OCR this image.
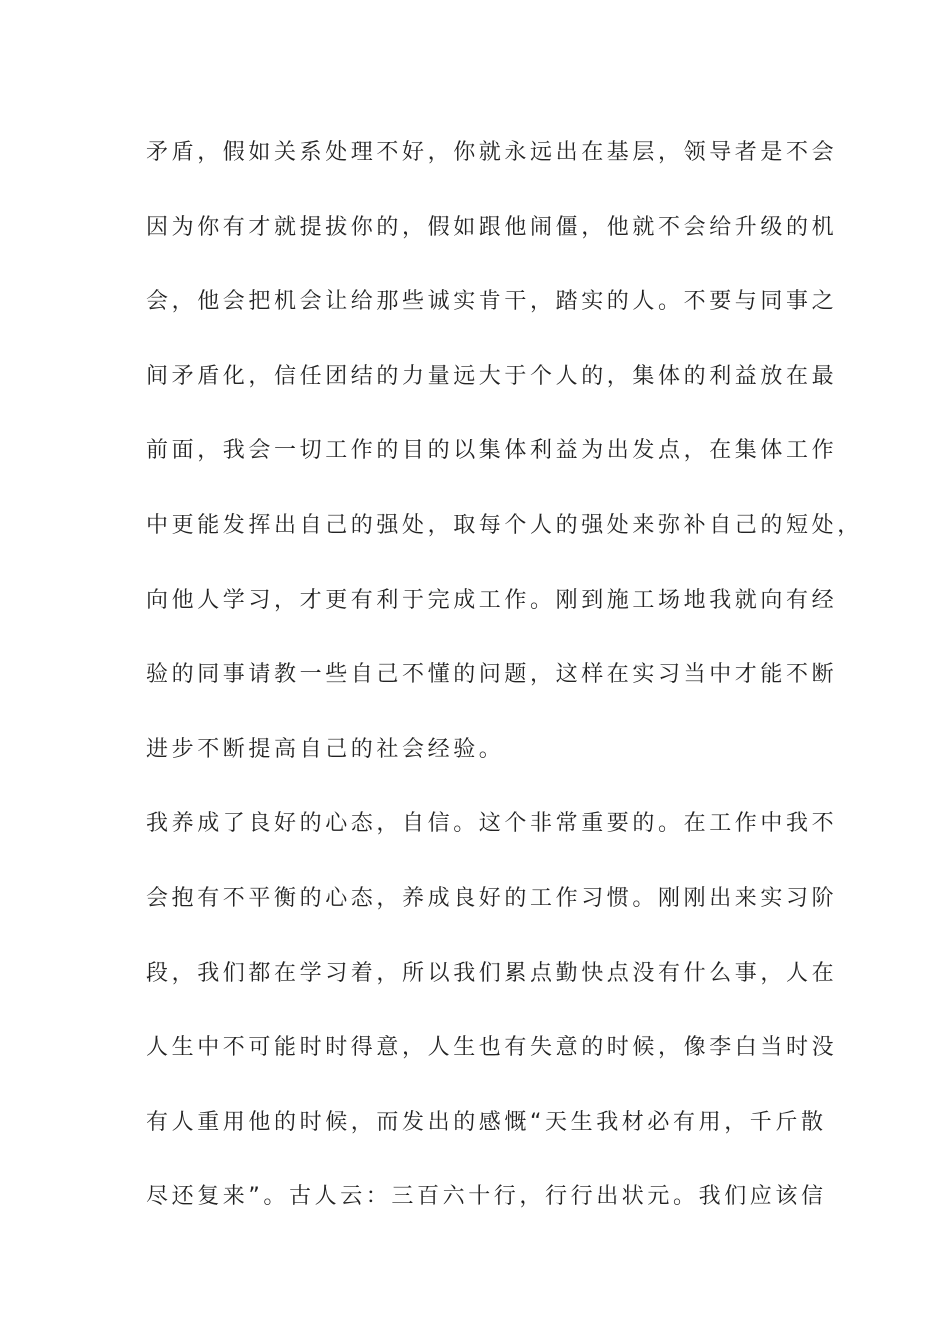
矛盾，假如关系处理不好，你就永远出在基层，领导者是不会
因为你有才就提拔你的，假如跟他闹僵，他就不会给升级的机
会，他会把机会让给那些诚实肯干，踏实的人。不要与同事之
间矛盾化，信任团结的力量远大于个人的，集体的利益放在最
前面，我会一切工作的目的以集体利益为出发点，在集体工作
中更能发挥出自己的强处，取每个人的强处来弥补自己的短处，
向他人学习，才更有利于完成工作。刚到施工场地我就向有经
验的同事请教一些自己不懂的问题，这样在实习当中才能不断
进步不断提高自己的社会经验。
我养成了良好的心态，自信。这个非常重要的。在工作中我不
会抱有不平衡的心态，养成良好的工作习惯。刚刚出来实习阶
段，我们都在学习着，所以我们累点勤快点没有什么事，人在
人生中不可能时时得意，人生也有失意的时候，像李白当时没
有人重用他的时候，而发出的感慨“天生我材必有用，千斤散
尽还复来”。古人云：三百六十行，行行出状元。我们应该信
